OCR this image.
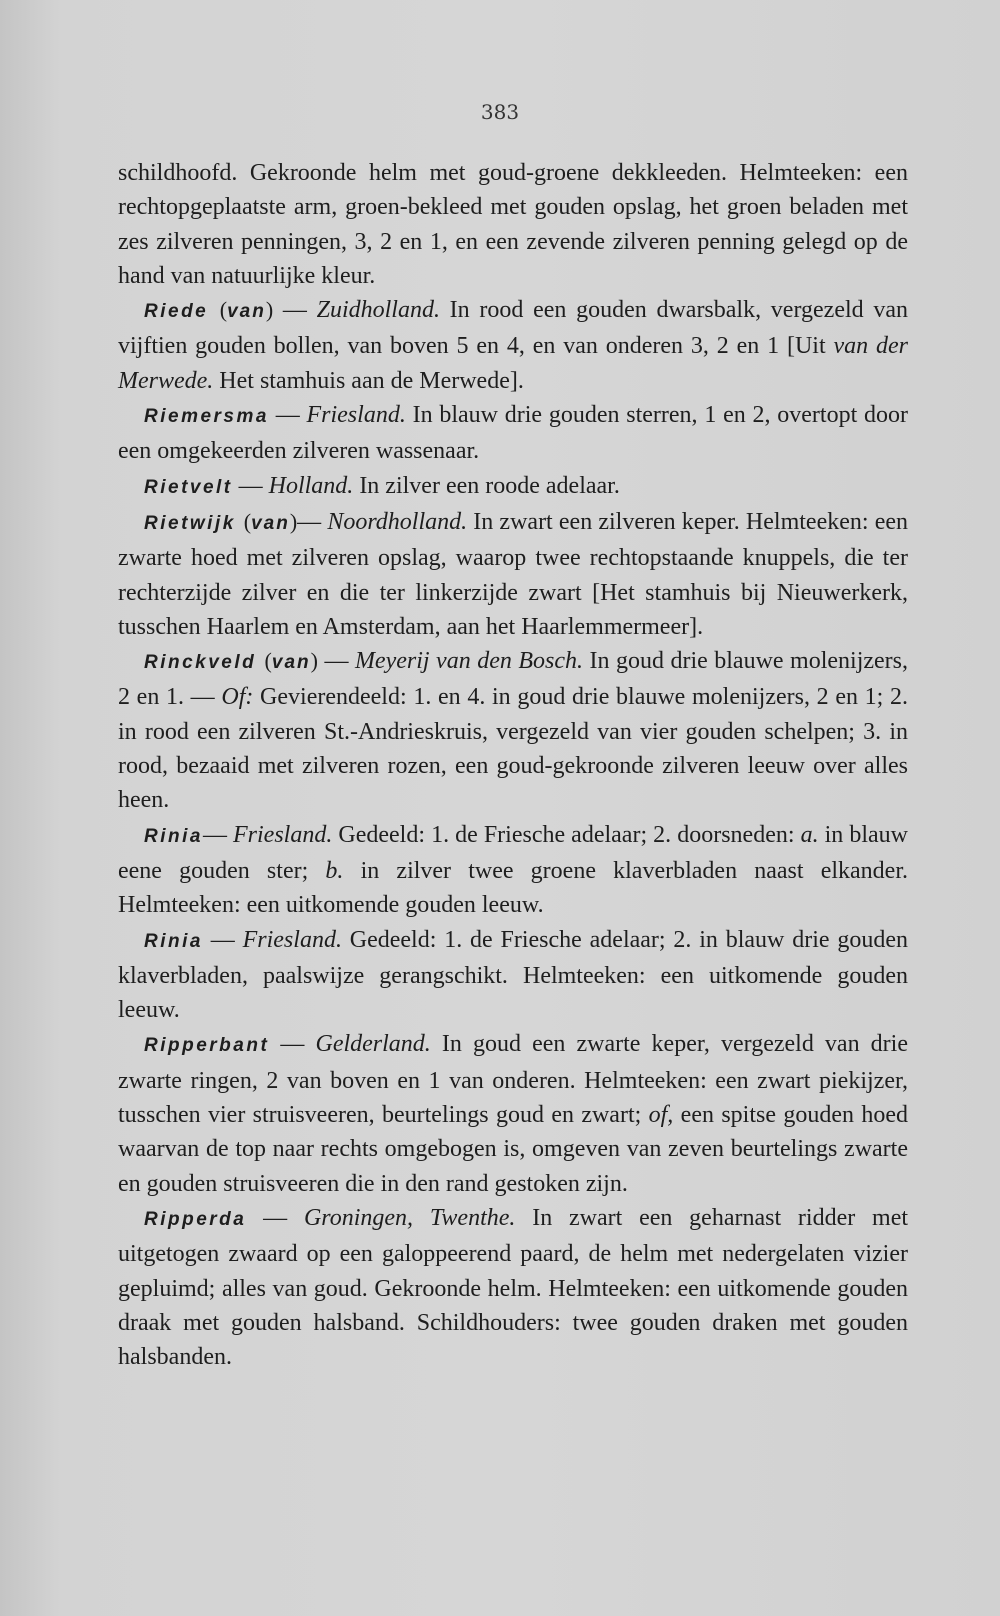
383

schildhoofd. Gekroonde helm met goud-groene dekkleeden. Helmteeken: een rechtopgeplaatste arm, groen-bekleed met gouden opslag, het groen beladen met zes zilveren penningen, 3, 2 en 1, en een zevende zilveren penning gelegd op de hand van natuurlijke kleur.

Riede (van) — Zuidholland. In rood een gouden dwarsbalk, vergezeld van vijftien gouden bollen, van boven 5 en 4, en van onderen 3, 2 en 1 [Uit van der Merwede. Het stamhuis aan de Merwede].

Riemersma — Friesland. In blauw drie gouden sterren, 1 en 2, overtopt door een omgekeerden zilveren wassenaar.

Rietvelt — Holland. In zilver een roode adelaar.

Rietwijk (van)— Noordholland. In zwart een zilveren keper. Helmteeken: een zwarte hoed met zilveren opslag, waarop twee rechtopstaande knuppels, die ter rechterzijde zilver en die ter linkerzijde zwart [Het stamhuis bij Nieuwerkerk, tusschen Haarlem en Amsterdam, aan het Haarlemmermeer].

Rinckveld (van) — Meyerij van den Bosch. In goud drie blauwe molenijzers, 2 en 1. — Of: Gevierendeeld: 1. en 4. in goud drie blauwe molenijzers, 2 en 1; 2. in rood een zilveren St.-Andrieskruis, vergezeld van vier gouden schelpen; 3. in rood, bezaaid met zilveren rozen, een goud-gekroonde zilveren leeuw over alles heen.

Rinia— Friesland. Gedeeld: 1. de Friesche adelaar; 2. doorsneden: a. in blauw eene gouden ster; b. in zilver twee groene klaverbladen naast elkander. Helmteeken: een uitkomende gouden leeuw.

Rinia — Friesland. Gedeeld: 1. de Friesche adelaar; 2. in blauw drie gouden klaverbladen, paalswijze gerangschikt. Helmteeken: een uitkomende gouden leeuw.

Ripperbant — Gelderland. In goud een zwarte keper, vergezeld van drie zwarte ringen, 2 van boven en 1 van onderen. Helmteeken: een zwart piekijzer, tusschen vier struisveeren, beurtelings goud en zwart; of, een spitse gouden hoed waarvan de top naar rechts omgebogen is, omgeven van zeven beurtelings zwarte en gouden struisveeren die in den rand gestoken zijn.

Ripperda — Groningen, Twenthe. In zwart een geharnast ridder met uitgetogen zwaard op een galoppeerend paard, de helm met nedergelaten vizier gepluimd; alles van goud. Gekroonde helm. Helmteeken: een uitkomende gouden draak met gouden halsband. Schildhouders: twee gouden draken met gouden halsbanden.
